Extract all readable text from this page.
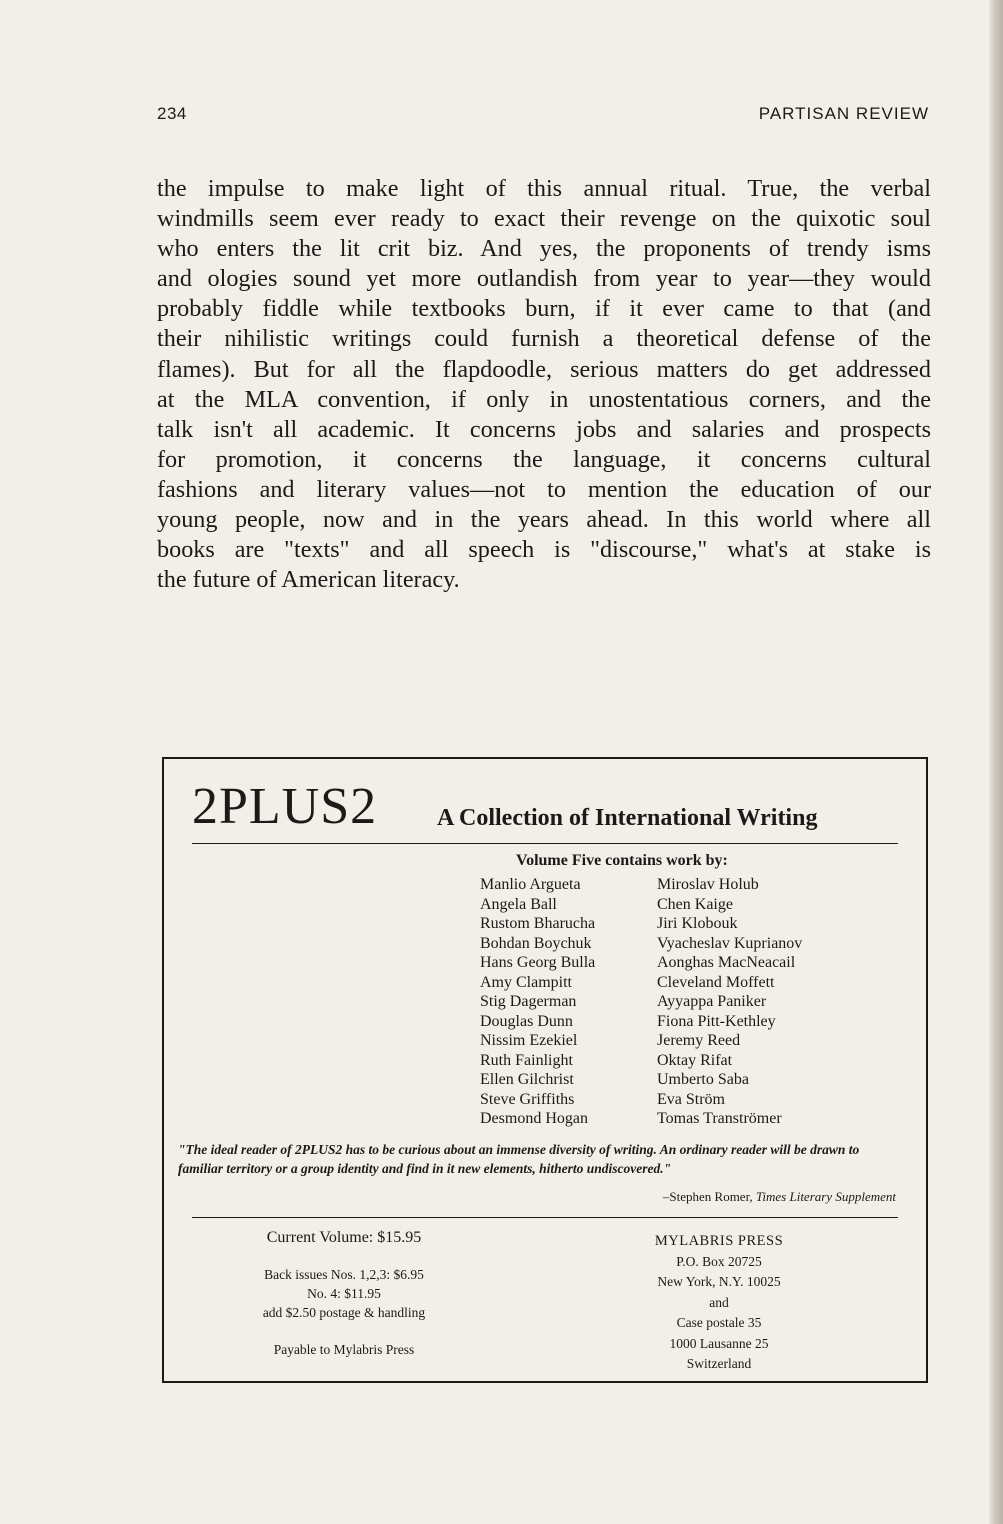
234	PARTISAN REVIEW
the impulse to make light of this annual ritual. True, the verbal
windmills seem ever ready to exact their revenge on the quixotic soul
who enters the lit crit biz. And yes, the proponents of trendy isms
and ologies sound yet more outlandish from year to year—they would
probably fiddle while textbooks burn, if it ever came to that (and
their nihilistic writings could furnish a theoretical defense of the
flames). But for all the flapdoodle, serious matters do get addressed
at the MLA convention, if only in unostentatious corners, and the
talk isn't all academic. It concerns jobs and salaries and prospects
for promotion, it concerns the language, it concerns cultural
fashions and literary values—not to mention the education of our
young people, now and in the years ahead. In this world where all
books are "texts" and all speech is "discourse," what's at stake is
the future of American literacy.
2PLUS2 A Collection of International Writing
Volume Five contains work by:
Manlio Argueta
Angela Ball
Rustom Bharucha
Bohdan Boychuk
Hans Georg Bulla
Amy Clampitt
Stig Dagerman
Douglas Dunn
Nissim Ezekiel
Ruth Fainlight
Ellen Gilchrist
Steve Griffiths
Desmond Hogan
Miroslav Holub
Chen Kaige
Jiri Klobouk
Vyacheslav Kuprianov
Aonghas MacNeacail
Cleveland Moffett
Ayyappa Paniker
Fiona Pitt-Kethley
Jeremy Reed
Oktay Rifat
Umberto Saba
Eva Ström
Tomas Tranströmer

"The ideal reader of 2PLUS2 has to be curious about an immense diversity of writing. An ordinary reader will be drawn to familiar territory or a group identity and find in it new elements, hitherto undiscovered."

–Stephen Romer, Times Literary Supplement
Current Volume: $15.95
Back issues Nos. 1,2,3: $6.95
No. 4: $11.95
add $2.50 postage & handling
Payable to Mylabris Press
MYLABRIS PRESS
P.O. Box 20725
New York, N.Y. 10025
and
Case postale 35
1000 Lausanne 25
Switzerland
